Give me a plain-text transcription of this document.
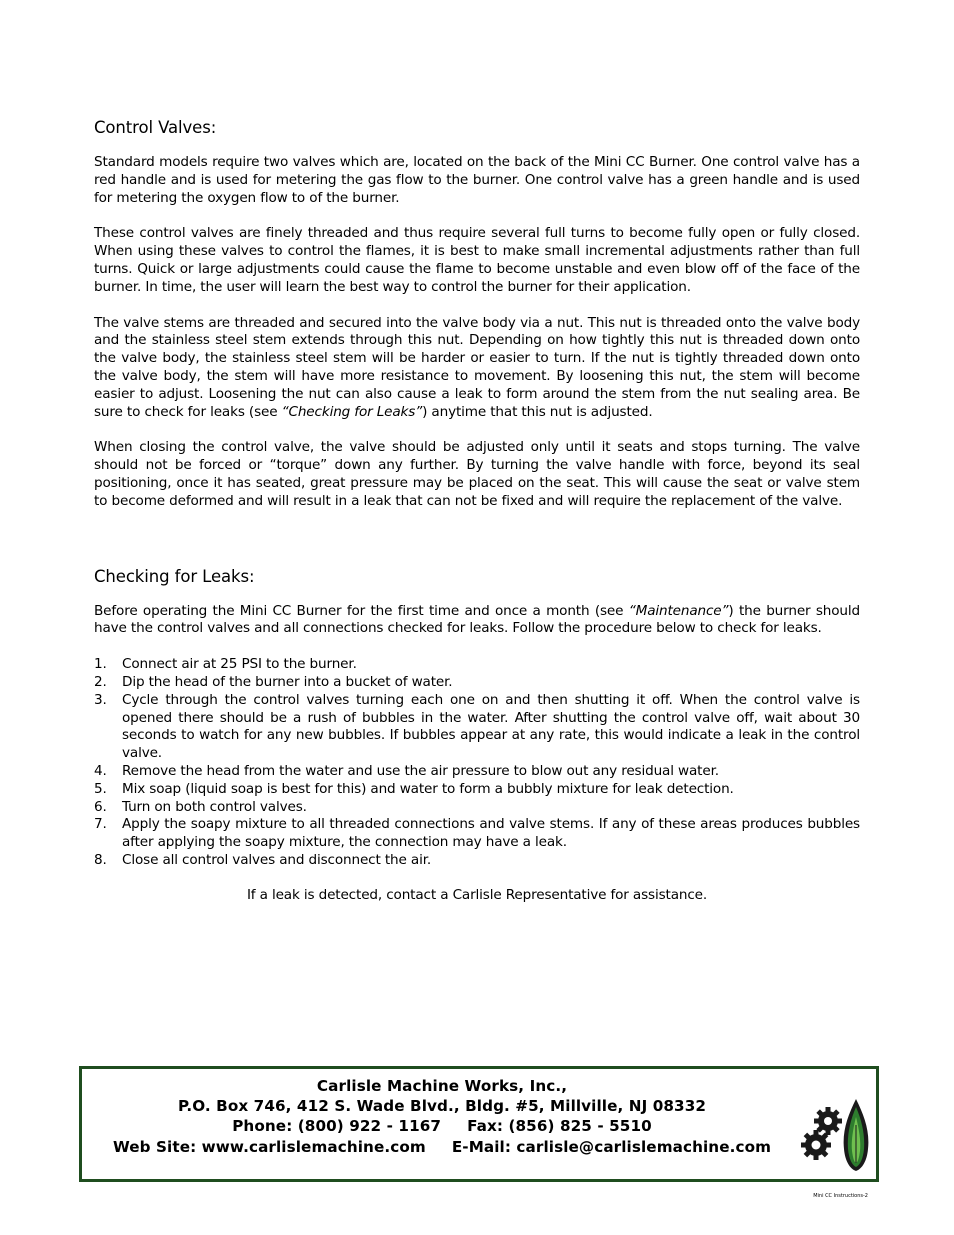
Control Valves:

Standard models require two valves which are, located on the back of the Mini CC Burner. One control valve has a red handle and is used for metering the gas flow to the burner. One control valve has a green handle and is used for metering the oxygen flow to of the burner.

These control valves are finely threaded and thus require several full turns to become fully open or fully closed. When using these valves to control the flames, it is best to make small incremental adjustments rather than full turns. Quick or large adjustments could cause the flame to become unstable and even blow off of the face of the burner. In time, the user will learn the best way to control the burner for their application.

The valve stems are threaded and secured into the valve body via a nut. This nut is threaded onto the valve body and the stainless steel stem extends through this nut. Depending on how tightly this nut is threaded down onto the valve body, the stainless steel stem will be harder or easier to turn. If the nut is tightly threaded down onto the valve body, the stem will have more resistance to movement. By loosening this nut, the stem will become easier to adjust. Loosening the nut can also cause a leak to form around the stem from the nut sealing area. Be sure to check for leaks (see “Checking for Leaks”) anytime that this nut is adjusted.

When closing the control valve, the valve should be adjusted only until it seats and stops turning. The valve should not be forced or “torque” down any further. By turning the valve handle with force, beyond its seal positioning, once it has seated, great pressure may be placed on the seat. This will cause the seat or valve stem to become deformed and will result in a leak that can not be fixed and will require the replacement of the valve.

Checking for Leaks:

Before operating the Mini CC Burner for the first time and once a month (see “Maintenance”) the burner should have the control valves and all connections checked for leaks. Follow the procedure below to check for leaks.

1. Connect air at 25 PSI to the burner.
2. Dip the head of the burner into a bucket of water.
3. Cycle through the control valves turning each one on and then shutting it off. When the control valve is opened there should be a rush of bubbles in the water. After shutting the control valve off, wait about 30 seconds to watch for any new bubbles. If bubbles appear at any rate, this would indicate a leak in the control valve.
4. Remove the head from the water and use the air pressure to blow out any residual water.
5. Mix soap (liquid soap is best for this) and water to form a bubbly mixture for leak detection.
6. Turn on both control valves.
7. Apply the soapy mixture to all threaded connections and valve stems. If any of these areas produces bubbles after applying the soapy mixture, the connection may have a leak.
8. Close all control valves and disconnect the air.
If a leak is detected, contact a Carlisle Representative for assistance.
Carlisle Machine Works, Inc.,
P.O. Box 746, 412 S. Wade Blvd., Bldg. #5, Millville, NJ 08332
Phone: (800) 922 - 1167 Fax: (856) 825 - 5510
Web Site: www.carlislemachine.com E-Mail: carlisle@carlislemachine.com
Mini CC Instructions-2
